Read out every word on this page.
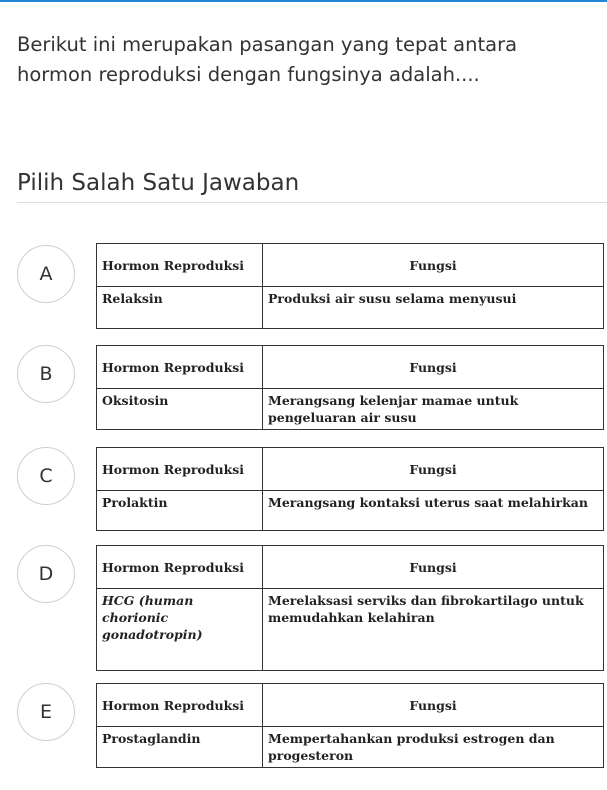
Berikut ini merupakan pasangan yang tepat antara hormon reproduksi dengan fungsinya adalah....
Pilih Salah Satu Jawaban
A	Hormon Reproduksi	Fungsi
Relaksin	Produksi air susu selama menyusui
B	Hormon Reproduksi	Fungsi
Oksitosin	Merangsang kelenjar mamae untuk pengeluaran air susu
C	Hormon Reproduksi	Fungsi
Prolaktin	Merangsang kontaksi uterus saat melahirkan
D	Hormon Reproduksi	Fungsi
HCG (human chorionic gonadotropin)	Merelaksasi serviks dan fibrokartilago untuk memudahkan kelahiran
E	Hormon Reproduksi	Fungsi
Prostaglandin	Mempertahankan produksi estrogen dan progesteron
